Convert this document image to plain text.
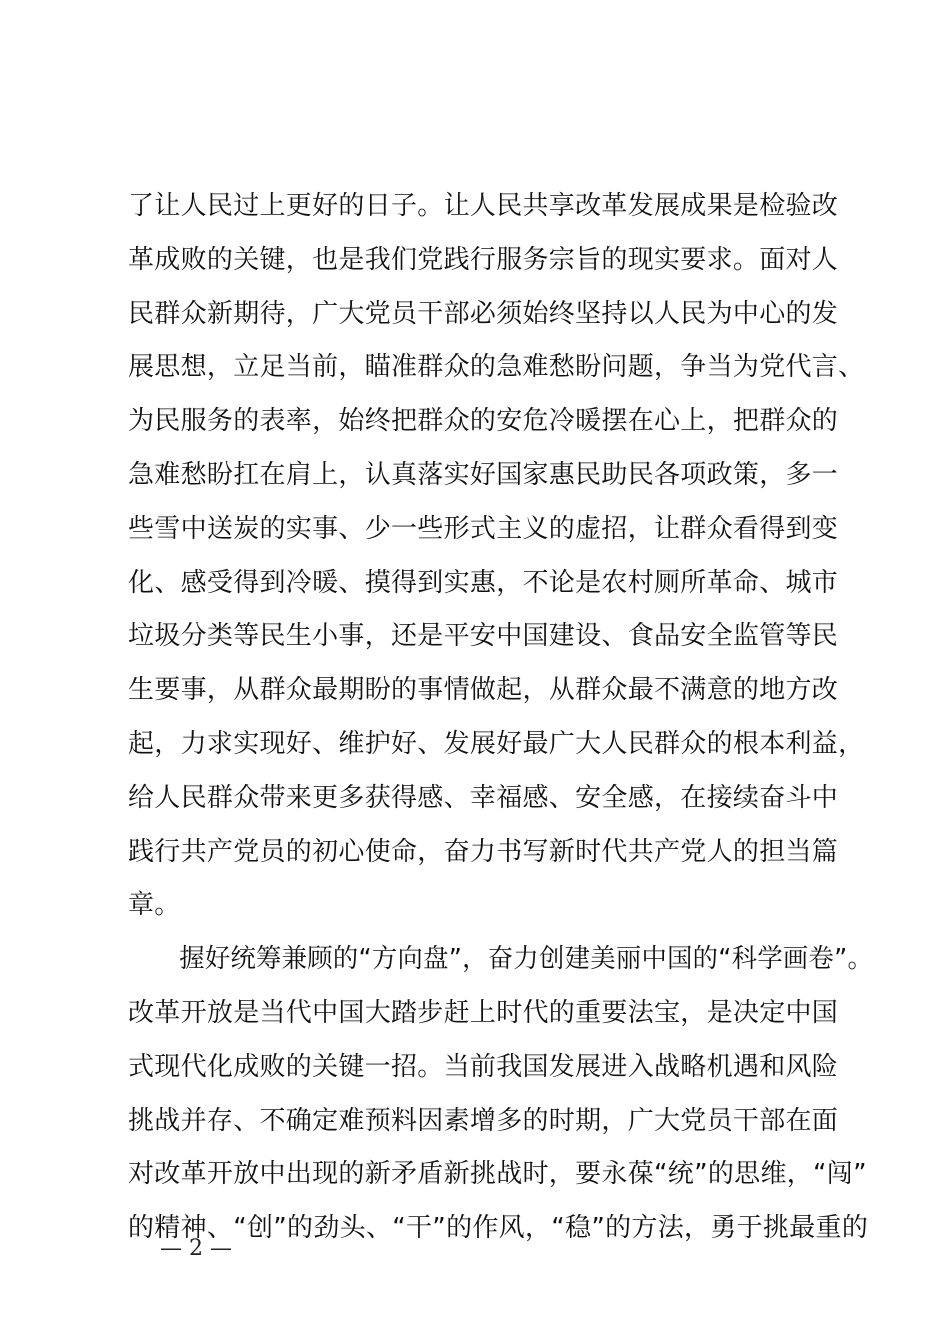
了让人民过上更好的日子。让人民共享改革发展成果是检验改
革成败的关键，也是我们党践行服务宗旨的现实要求。面对人
民群众新期待，广大党员干部必须始终坚持以人民为中心的发
展思想，立足当前，瞄准群众的急难愁盼问题，争当为党代言、
为民服务的表率，始终把群众的安危冷暖摆在心上，把群众的
急难愁盼扛在肩上，认真落实好国家惠民助民各项政策，多一
些雪中送炭的实事、少一些形式主义的虚招，让群众看得到变
化、感受得到冷暖、摸得到实惠，不论是农村厕所革命、城市
垃圾分类等民生小事，还是平安中国建设、食品安全监管等民
生要事，从群众最期盼的事情做起，从群众最不满意的地方改
起，力求实现好、维护好、发展好最广大人民群众的根本利益，
给人民群众带来更多获得感、幸福感、安全感，在接续奋斗中
践行共产党员的初心使命，奋力书写新时代共产党人的担当篇
章。
　　握好统筹兼顾的“方向盘”，奋力创建美丽中国的“科学画卷”。
改革开放是当代中国大踏步赶上时代的重要法宝，是决定中国
式现代化成败的关键一招。当前我国发展进入战略机遇和风险
挑战并存、不确定难预料因素增多的时期，广大党员干部在面
对改革开放中出现的新矛盾新挑战时，要永葆“统”的思维，“闯”
的精神、“创”的劲头、“干”的作风，“稳”的方法，勇于挑最重的
— 2 —
